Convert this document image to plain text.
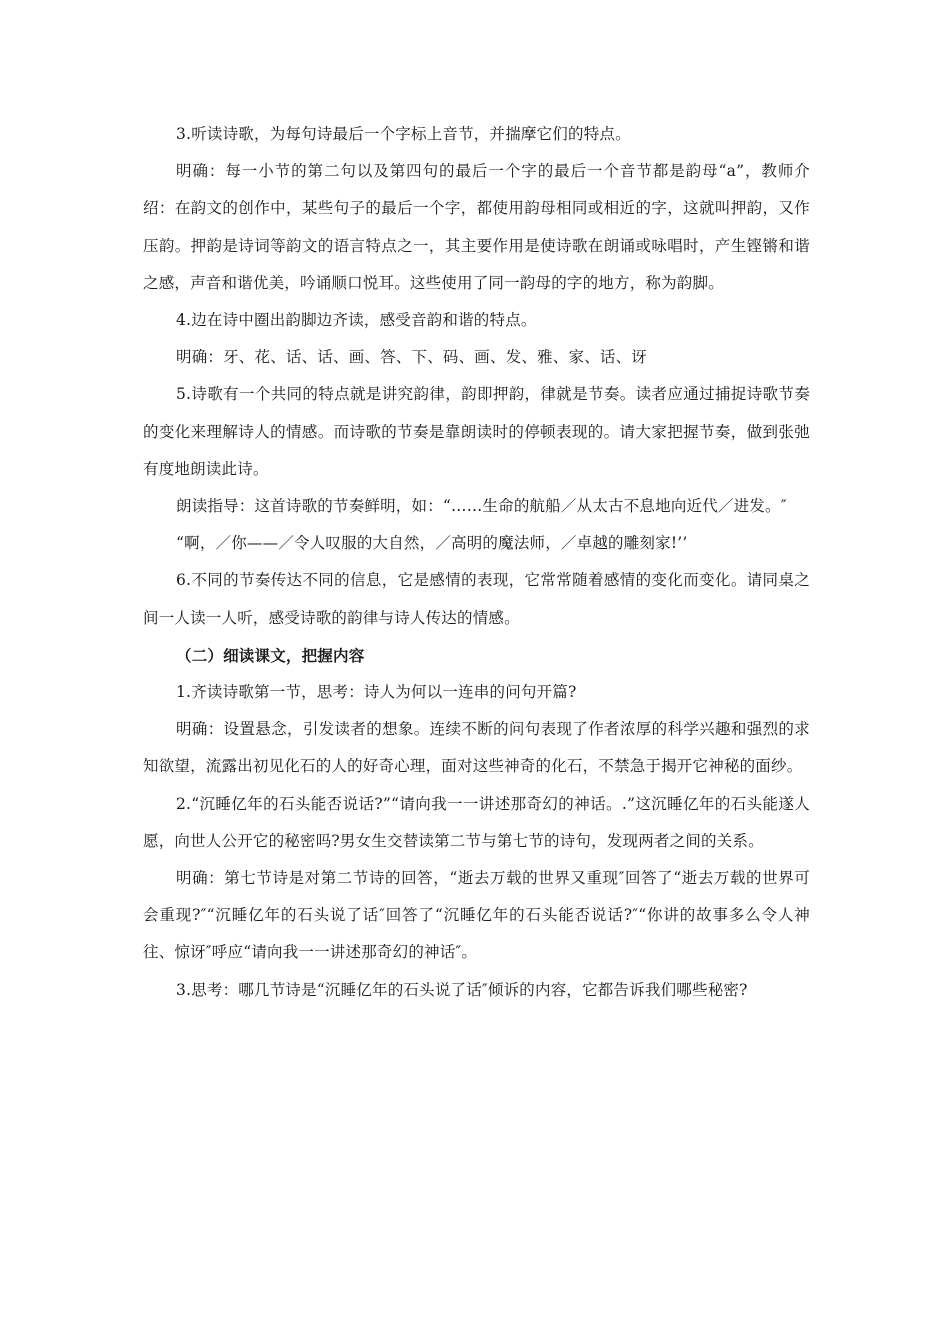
3.听读诗歌，为每句诗最后一个字标上音节，并揣摩它们的特点。

明确：每一小节的第二句以及第四句的最后一个字的最后一个音节都是韵母“a”，教师介绍：在韵文的创作中，某些句子的最后一个字，都使用韵母相同或相近的字，这就叫押韵，又作压韵。押韵是诗词等韵文的语言特点之一，其主要作用是使诗歌在朗诵或咏唱时，产生铿锵和谐之感，声音和谐优美，吟诵顺口悦耳。这些使用了同一韵母的字的地方，称为韵脚。

4.边在诗中圈出韵脚边齐读，感受音韵和谐的特点。

明确：牙、花、话、话、画、答、下、码、画、发、雅、家、话、讶

5.诗歌有一个共同的特点就是讲究韵律，韵即押韵，律就是节奏。读者应通过捕捉诗歌节奏的变化来理解诗人的情感。而诗歌的节奏是靠朗读时的停顿表现的。请大家把握节奏，做到张弛有度地朗读此诗。

朗读指导：这首诗歌的节奏鲜明，如：“……生命的航船／从太古不息地向近代／进发。″

“啊，／你——／令人叹服的大自然，／高明的魔法师，／卓越的雕刻家!’’

6.不同的节奏传达不同的信息，它是感情的表现，它常常随着感情的变化而变化。请同桌之间一人读一人听，感受诗歌的韵律与诗人传达的情感。

（二）细读课文，把握内容

1.齐读诗歌第一节，思考：诗人为何以一连串的问句开篇?

明确：设置悬念，引发读者的想象。连续不断的问句表现了作者浓厚的科学兴趣和强烈的求知欲望，流露出初见化石的人的好奇心理，面对这些神奇的化石，不禁急于揭开它神秘的面纱。

2.“沉睡亿年的石头能否说话?”“请向我一一讲述那奇幻的神话。.”这沉睡亿年的石头能遂人愿，向世人公开它的秘密吗?男女生交替读第二节与第七节的诗句，发现两者之间的关系。

明确：第七节诗是对第二节诗的回答，“逝去万载的世界又重现″回答了“逝去万载的世界可会重现?″“沉睡亿年的石头说了话″回答了“沉睡亿年的石头能否说话?″“你讲的故事多么令人神往、惊讶″呼应“请向我一一讲述那奇幻的神话″。

3.思考：哪几节诗是“沉睡亿年的石头说了话″倾诉的内容，它都告诉我们哪些秘密?
